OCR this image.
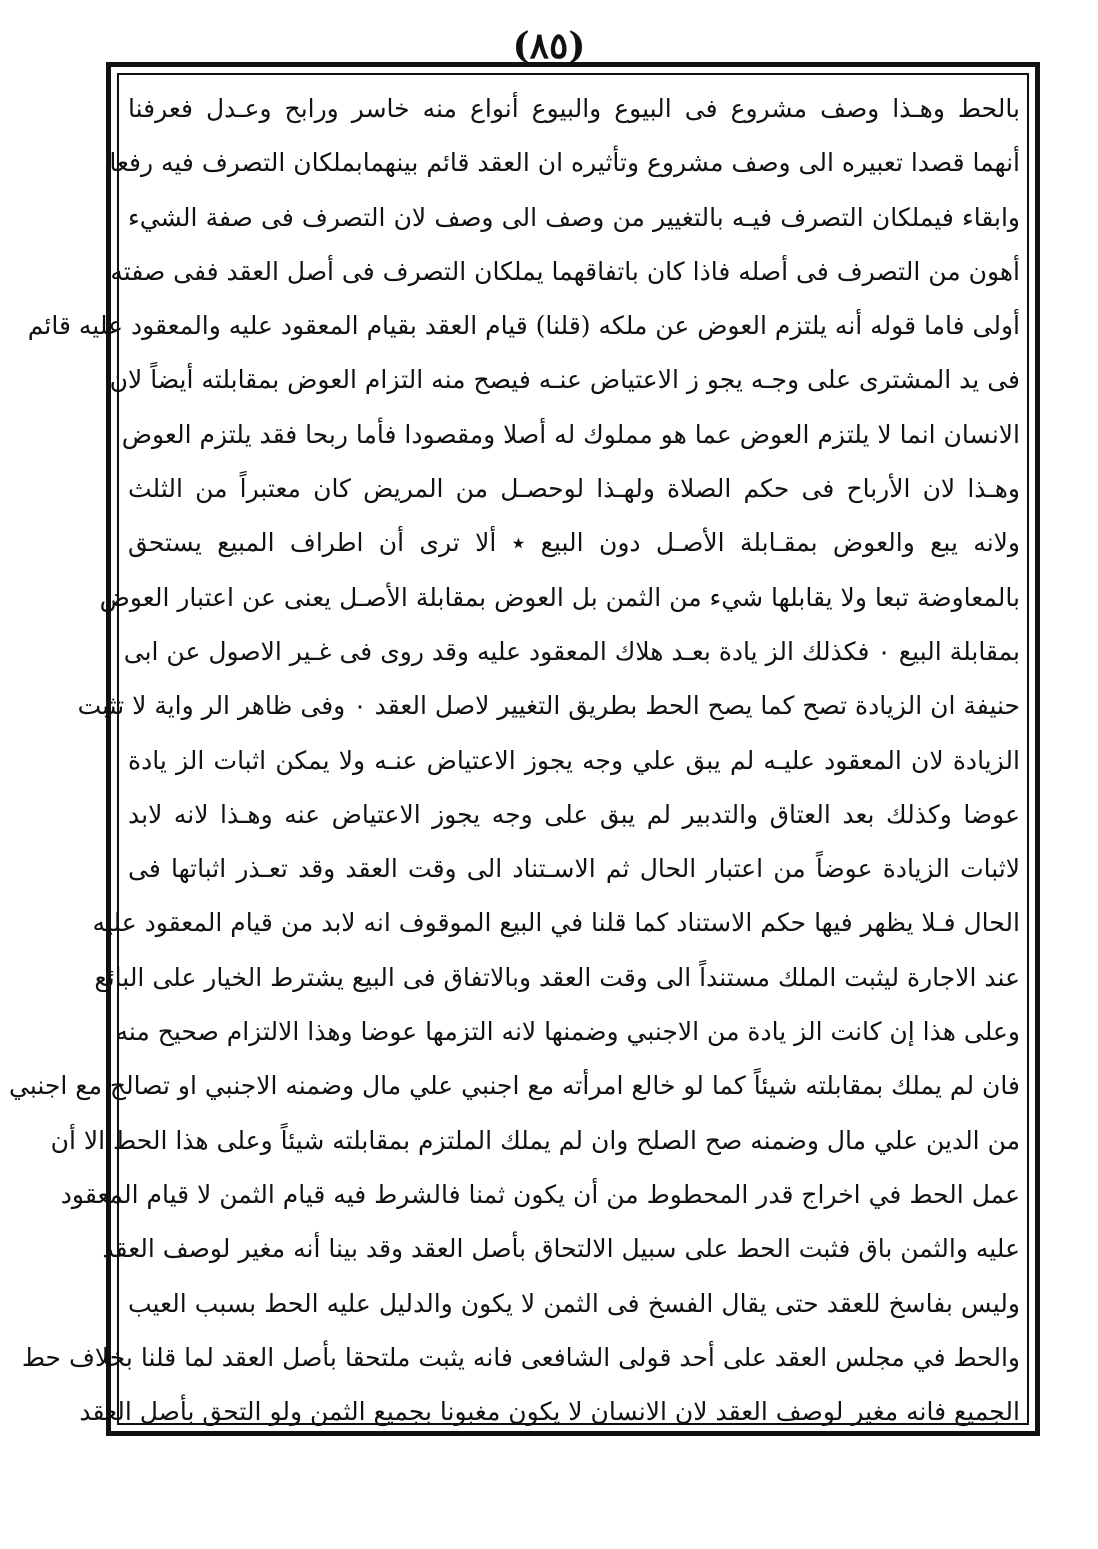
(٨٥)
بالحط وهـذا وصف مشروع فى البيوع والبيوع أنواع منه خاسر ورابح وعـدل فعرفنا
أنهما قصدا تعبيره الى وصف مشروع وتأثيره ان العقد قائم بينهمابملكان التصرف فيه رفعا
وابقاء فيملكان التصرف فيـه بالتغيير من وصف الى وصف لان التصرف فى صفة الشيء
أهون من التصرف فى أصله فاذا كان باتفاقهما يملكان التصرف فى أصل العقد ففى صفته
أولى فاما قوله أنه يلتزم العوض عن ملكه (قلنا) قيام العقد بقيام المعقود عليه والمعقود عليه قائم
فى يد المشترى على وجـه يجو ز الاعتياض عنـه فيصح منه التزام العوض بمقابلته أيضاً لان
الانسان انما لا يلتزم العوض عما هو مملوك له أصلا ومقصودا فأما ربحا فقد يلتزم العوض
وهـذا لان الأرباح فى حكم الصلاة ولهـذا لوحصـل من المريض كان معتبراً من الثلث
ولانه يبع والعوض بمقـابلة الأصـل دون البيع ٭ ألا ترى أن اطراف المبيع يستحق
بالمعاوضة تبعا ولا يقابلها شيء من الثمن بل العوض بمقابلة الأصـل يعنى عن اعتبار العوض
بمقابلة البيع ٠ فكذلك الز يادة بعـد هلاك المعقود عليه وقد روى فى غـير الاصول عن ابى
حنيفة ان الزيادة تصح كما يصح الحط بطريق التغيير لاصل العقد ٠ وفى ظاهر الر واية لا تثبت
الزيادة لان المعقود عليـه لم يبق علي وجه يجوز الاعتياض عنـه ولا يمكن اثبات الز يادة
عوضا وكذلك بعد العتاق والتدبير لم يبق على وجه يجوز الاعتياض عنه وهـذا لانه لابد
لاثبات الزيادة عوضاً من اعتبار الحال ثم الاسـتناد الى وقت العقد وقد تعـذر اثباتها فى
الحال فـلا يظهر فيها حكم الاستناد كما قلنا في البيع الموقوف انه لابد من قيام المعقود عليه
عند الاجارة ليثبت الملك مستنداً الى وقت العقد وبالاتفاق فى البيع يشترط الخيار على البائع
وعلى هذا إن كانت الز يادة من الاجنبي وضمنها لانه التزمها عوضا وهذا الالتزام صحيح منه
فان لم يملك بمقابلته شيئاً كما لو خالع امرأته مع اجنبي علي مال وضمنه الاجنبي او تصالح مع اجنبي
من الدين علي مال وضمنه صح الصلح وان لم يملك الملتزم بمقابلته شيئاً وعلى هذا الحط الا أن
عمل الحط في اخراج قدر المحطوط من أن يكون ثمنا فالشرط فيه قيام الثمن لا قيام المعقود
عليه والثمن باق فثبت الحط على سبيل الالتحاق بأصل العقد وقد بينا أنه مغير لوصف العقد
وليس بفاسخ للعقد حتى يقال الفسخ فى الثمن لا يكون والدليل عليه الحط بسبب العيب
والحط في مجلس العقد على أحد قولى الشافعى فانه يثبت ملتحقا بأصل العقد لما قلنا بخلاف حط
الجميع فانه مغير لوصف العقد لان الانسان لا يكون مغبونا بجميع الثمن ولو التحق بأصل العقد
